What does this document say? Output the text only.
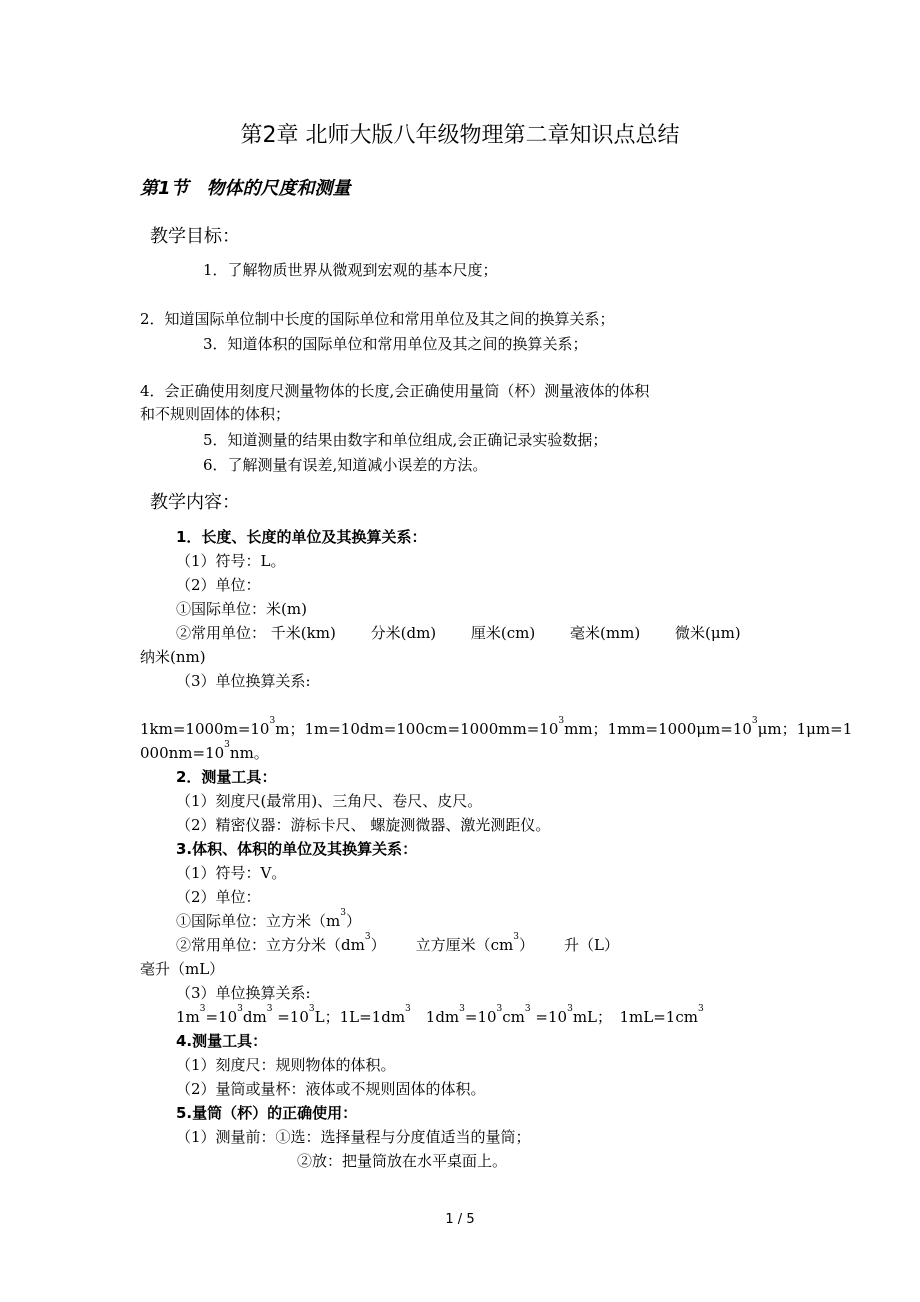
第2章 北师大版八年级物理第二章知识点总结
第1节　物体的尺度和测量
教学目标：
1．了解物质世界从微观到宏观的基本尺度；
2．知道国际单位制中长度的国际单位和常用单位及其之间的换算关系；
3．知道体积的国际单位和常用单位及其之间的换算关系；
4．会正确使用刻度尺测量物体的长度,会正确使用量筒（杯）测量液体的体积
和不规则固体的体积；
5．知道测量的结果由数字和单位组成,会正确记录实验数据；
6．了解测量有误差,知道减小误差的方法。
教学内容：
1．长度、长度的单位及其换算关系：
（1）符号：L。
（2）单位：
①国际单位：米(m)
②常用单位： 千米(km) 分米(dm) 厘米(cm) 毫米(mm) 微米(μm)
纳米(nm)
（3）单位换算关系:
$1km=1000m=10^3m$；$1m=10dm=100cm=1000mm=10^3mm$；$1mm=1000\mu m=10^3\mu m$；1μm=1
$000nm=10^3nm$。
2．测量工具：
（1）刻度尺(最常用)、三角尺、卷尺、皮尺。
（2）精密仪器：游标卡尺、 螺旋测微器、激光测距仪。
3.体积、体积的单位及其换算关系：
（1）符号：V。
（2）单位：
①国际单位：立方米$(m^3)$
②常用单位：立方分米$(dm^3)$ 立方厘米$(cm^3)$ 升（L）
毫升（mL）
（3）单位换算关系:
$1m^3=10^3dm^3 =10^3L$；$1L=1dm^3$　$1dm^3=10^3cm^3 =10^3mL$；　$1mL=1cm^3$
4.测量工具：
（1）刻度尺：规则物体的体积。
（2）量筒或量杯：液体或不规则固体的体积。
5.量筒（杯）的正确使用：
（1）测量前：①选：选择量程与分度值适当的量筒；
②放：把量筒放在水平桌面上。
1 / 5
